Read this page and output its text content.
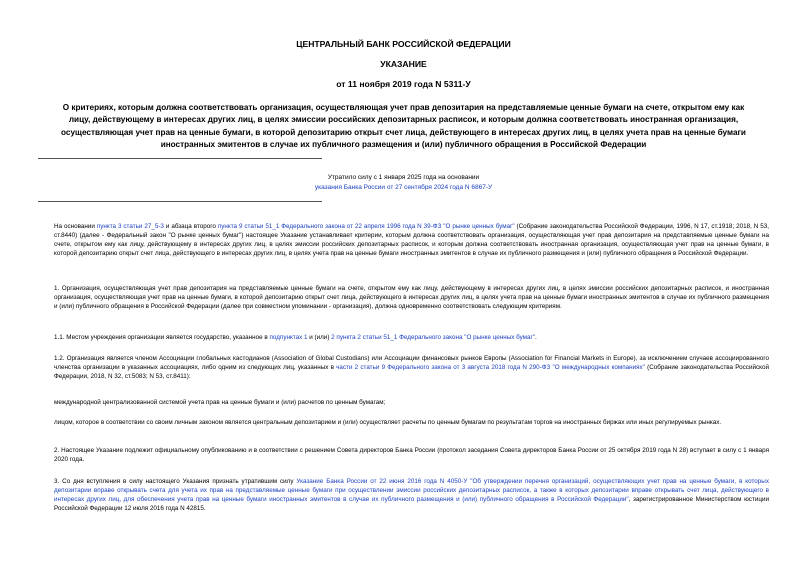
ЦЕНТРАЛЬНЫЙ БАНК РОССИЙСКОЙ ФЕДЕРАЦИИ
УКАЗАНИЕ
от 11 ноября 2019 года N 5311-У
О критериях, которым должна соответствовать организация, осуществляющая учет прав депозитария на представляемые ценные бумаги на счете, открытом ему как лицу, действующему в интересах других лиц, в целях эмиссии российских депозитарных расписок, и которым должна соответствовать иностранная организация, осуществляющая учет прав на ценные бумаги, в которой депозитарию открыт счет лица, действующего в интересах других лиц, в целях учета прав на ценные бумаги иностранных эмитентов в случае их публичного размещения и (или) публичного обращения в Российской Федерации
Утратило силу с 1 января 2025 года на основании
указания Банка России от 27 сентября 2024 года N 6867-У
На основании пункта 3 статьи 27_5-3 и абзаца второго пункта 9 статьи 51_1 Федерального закона от 22 апреля 1996 года N 39-ФЗ "О рынке ценных бумаг" (Собрание законодательства Российской Федерации, 1996, N 17, ст.1918; 2018, N 53, ст.8440) (далее - Федеральный закон "О рынке ценных бумаг") настоящее Указание устанавливает критерии, которым должна соответствовать организация, осуществляющая учет прав депозитария на представляемые ценные бумаги на счете, открытом ему как лицу, действующему в интересах других лиц, в целях эмиссии российских депозитарных расписок, и которым должна соответствовать иностранная организация, осуществляющая учет прав на ценные бумаги, в которой депозитарию открыт счет лица, действующего в интересах других лиц, в целях учета прав на ценные бумаги иностранных эмитентов в случае их публичного размещения и (или) публичного обращения в Российской Федерации.
1. Организация, осуществляющая учет прав депозитария на представляемые ценные бумаги на счете, открытом ему как лицу, действующему в интересах других лиц, в целях эмиссии российских депозитарных расписок, и иностранная организация, осуществляющая учет прав на ценные бумаги, в которой депозитарию открыт счет лица, действующего в интересах других лиц, в целях учета прав на ценные бумаги иностранных эмитентов в случае их публичного размещения и (или) публичного обращения в Российской Федерации (далее при совместном упоминании - организация), должна одновременно соответствовать следующим критериям.
1.1. Местом учреждения организации является государство, указанное в подпунктах 1 и (или) 2 пункта 2 статьи 51_1 Федерального закона "О рынке ценных бумаг".
1.2. Организация является членом Ассоциации глобальных кастодианов (Association of Global Custodians) или Ассоциации финансовых рынков Европы (Association for Financial Markets in Europe), за исключением случаев ассоциированного членства организации в указанных ассоциациях, либо одним из следующих лиц, указанных в части 2 статьи 9 Федерального закона от 3 августа 2018 года N 290-ФЗ "О международных компаниях" (Собрание законодательства Российской Федерации, 2018, N 32, ст.5083; N 53, ст.8411):
международной централизованной системой учета прав на ценные бумаги и (или) расчетов по ценным бумагам;
лицом, которое в соответствии со своим личным законом является центральным депозитарием и (или) осуществляет расчеты по ценным бумагам по результатам торгов на иностранных биржах или иных регулируемых рынках.
2. Настоящее Указание подлежит официальному опубликованию и в соответствии с решением Совета директоров Банка России (протокол заседания Совета директоров Банка России от 25 октября 2019 года N 28) вступает в силу с 1 января 2020 года.
3. Со дня вступления в силу настоящего Указания признать утратившим силу Указание Банка России от 22 июня 2016 года N 4050-У "Об утверждении перечня организаций, осуществляющих учет прав на ценные бумаги, в которых депозитарии вправе открывать счета для учета их прав на представляемые ценные бумаги при осуществлении эмиссии российских депозитарных расписок, а также в которых депозитарии вправе открывать счет лица, действующего в интересах других лиц, для обеспечения учета прав на ценные бумаги иностранных эмитентов в случае их публичного размещения и (или) публичного обращения в Российской Федерации", зарегистрированное Министерством юстиции Российской Федерации 12 июля 2016 года N 42815.
